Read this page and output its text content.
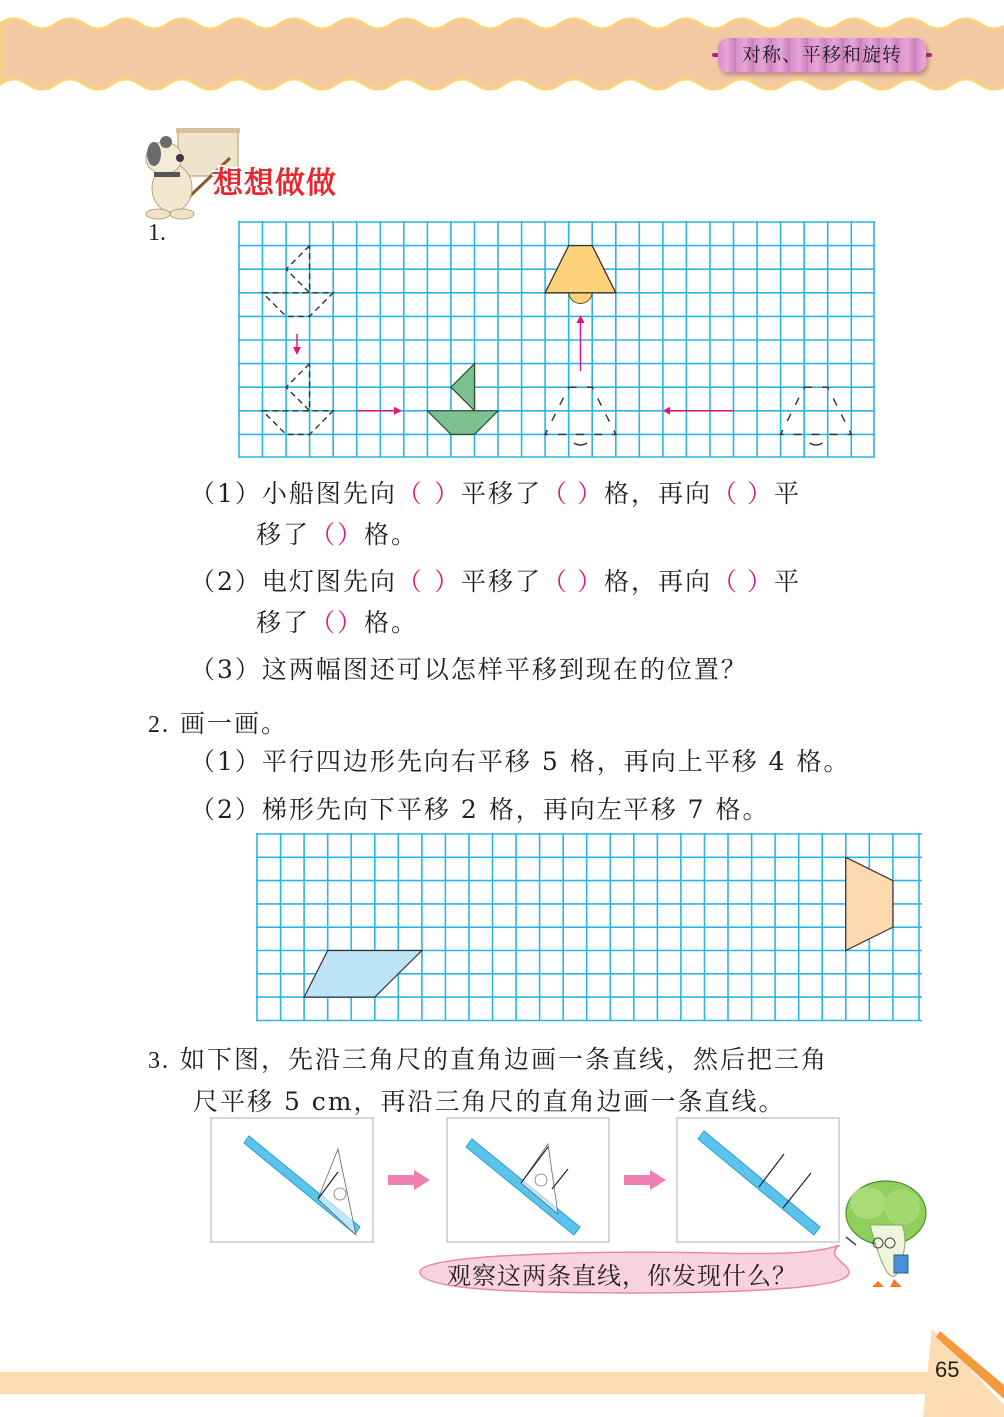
对称、平移和旋转
想想做做
1.
（1）小船图先向（ ）平移了（ ）格，再向（ ）平
移了（）格。
（2）电灯图先向（ ）平移了（ ）格，再向（ ）平
移了（）格。
（3）这两幅图还可以怎样平移到现在的位置？
2. 画一画。
（1）平行四边形先向右平移 5 格，再向上平移 4 格。
（2）梯形先向下平移 2 格，再向左平移 7 格。
3. 如下图，先沿三角尺的直角边画一条直线，然后把三角
尺平移 5 cm，再沿三角尺的直角边画一条直线。
观察这两条直线，你发现什么？
65
